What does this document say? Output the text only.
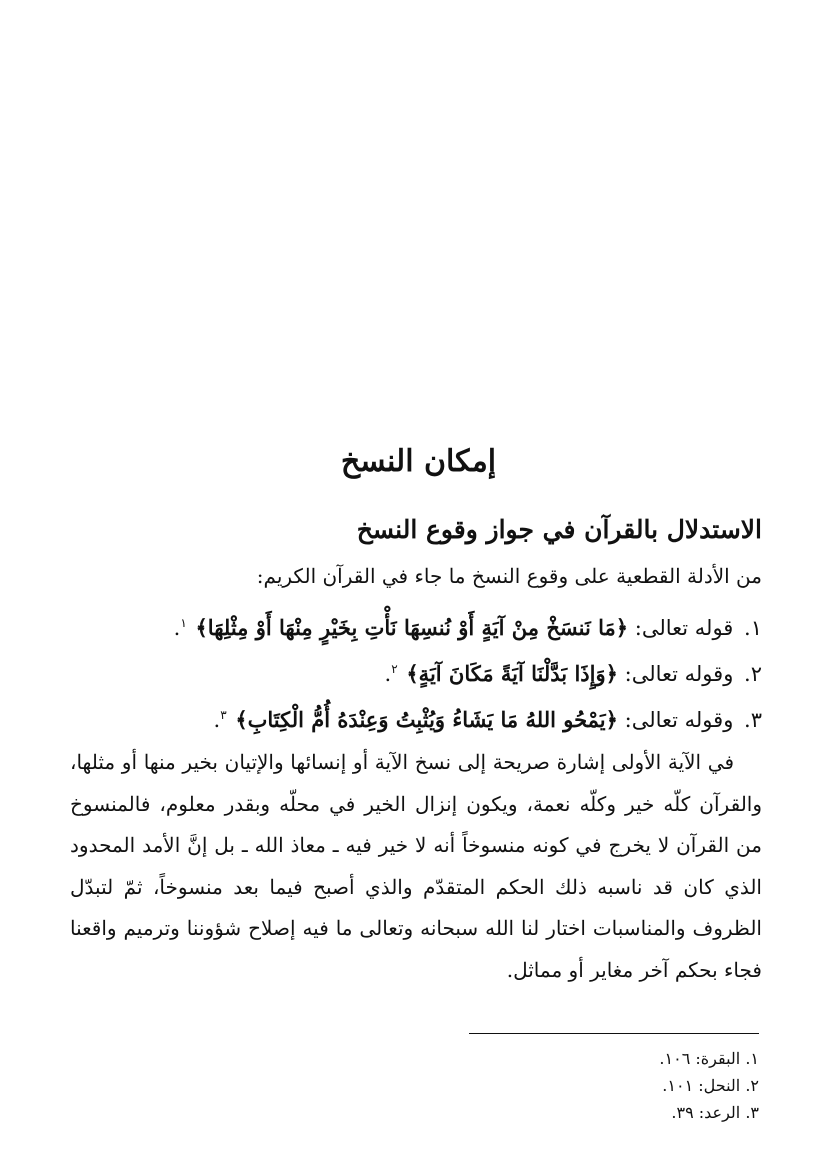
إمكان النسخ
الاستدلال بالقرآن في جواز وقوع النسخ

من الأدلة القطعية على وقوع النسخ ما جاء في القرآن الكريم:

١. قوله تعالى: ﴿مَا نَنسَخْ مِنْ آيَةٍ أَوْ نُنسِهَا نَأْتِ بِخَيْرٍ مِنْهَا أَوْ مِثْلِهَا﴾ $^١$.
٢. وقوله تعالى: ﴿وَإِذَا بَدَّلْنَا آيَةً مَكَانَ آيَةٍ﴾ $^٢$.
٣. وقوله تعالى: ﴿يَمْحُو اللهُ مَا يَشَاءُ وَيُثْبِتُ وَعِنْدَهُ أُمُّ الْكِتَابِ﴾ $^٣$.

في الآية الأولى إشارة صريحة إلى نسخ الآية أو إنسائها والإتيان بخير منها أو مثلها، والقرآن كلّه خير وكلّه نعمة، ويكون إنزال الخير في محلّه وبقدر معلوم، فالمنسوخ من القرآن لا يخرج في كونه منسوخاً أنه لا خير فيه ـ معاذ الله ـ بل إنَّ الأمد المحدود الذي كان قد ناسبه ذلك الحكم المتقدّم والذي أصبح فيما بعد منسوخاً، ثمّ لتبدّل الظروف والمناسبات اختار لنا الله سبحانه وتعالى ما فيه إصلاح شؤوننا وترميم واقعنا فجاء بحكم آخر مغاير أو مماثل.

١. البقرة: ١٠٦.
٢. النحل: ١٠١.
٣. الرعد: ٣٩.
